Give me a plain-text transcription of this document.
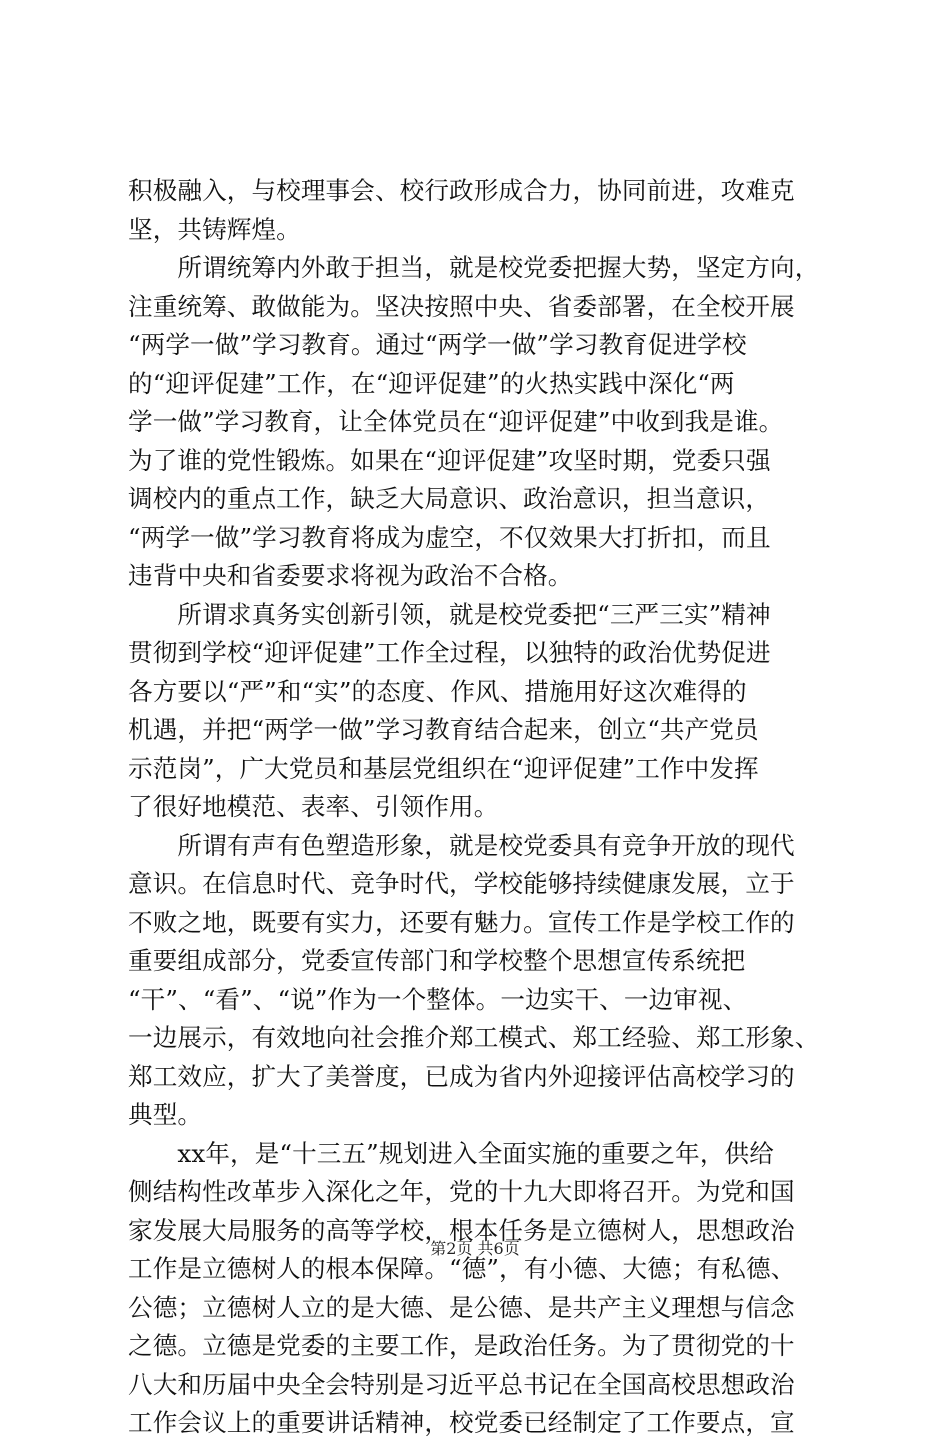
积极融入，与校理事会、校行政形成合力，协同前进，攻难克
坚，共铸辉煌。
　　所谓统筹内外敢于担当，就是校党委把握大势，坚定方向，
注重统筹、敢做能为。坚决按照中央、省委部署，在全校开展
“两学一做”学习教育。通过“两学一做”学习教育促进学校
的“迎评促建”工作，在“迎评促建”的火热实践中深化“两
学一做”学习教育，让全体党员在“迎评促建”中收到我是谁。
为了谁的党性锻炼。如果在“迎评促建”攻坚时期，党委只强
调校内的重点工作，缺乏大局意识、政治意识，担当意识，
“两学一做”学习教育将成为虚空，不仅效果大打折扣，而且
违背中央和省委要求将视为政治不合格。
　　所谓求真务实创新引领，就是校党委把“三严三实”精神
贯彻到学校“迎评促建”工作全过程，以独特的政治优势促进
各方要以“严”和“实”的态度、作风、措施用好这次难得的
机遇，并把“两学一做”学习教育结合起来，创立“共产党员
示范岗”，广大党员和基层党组织在“迎评促建”工作中发挥
了很好地模范、表率、引领作用。
　　所谓有声有色塑造形象，就是校党委具有竞争开放的现代
意识。在信息时代、竞争时代，学校能够持续健康发展，立于
不败之地，既要有实力，还要有魅力。宣传工作是学校工作的
重要组成部分，党委宣传部门和学校整个思想宣传系统把
“干”、“看”、“说”作为一个整体。一边实干、一边审视、
一边展示，有效地向社会推介郑工模式、郑工经验、郑工形象、
郑工效应，扩大了美誉度，已成为省内外迎接评估高校学习的
典型。
　　xx年，是“十三五”规划进入全面实施的重要之年，供给
侧结构性改革步入深化之年，党的十九大即将召开。为党和国
家发展大局服务的高等学校，根本任务是立德树人，思想政治
工作是立德树人的根本保障。“德”，有小德、大德；有私德、
公德；立德树人立的是大德、是公德、是共产主义理想与信念
之德。立德是党委的主要工作，是政治任务。为了贯彻党的十
八大和历届中央全会特别是习近平总书记在全国高校思想政治
工作会议上的重要讲话精神，校党委已经制定了工作要点，宣
第2页 共6页
